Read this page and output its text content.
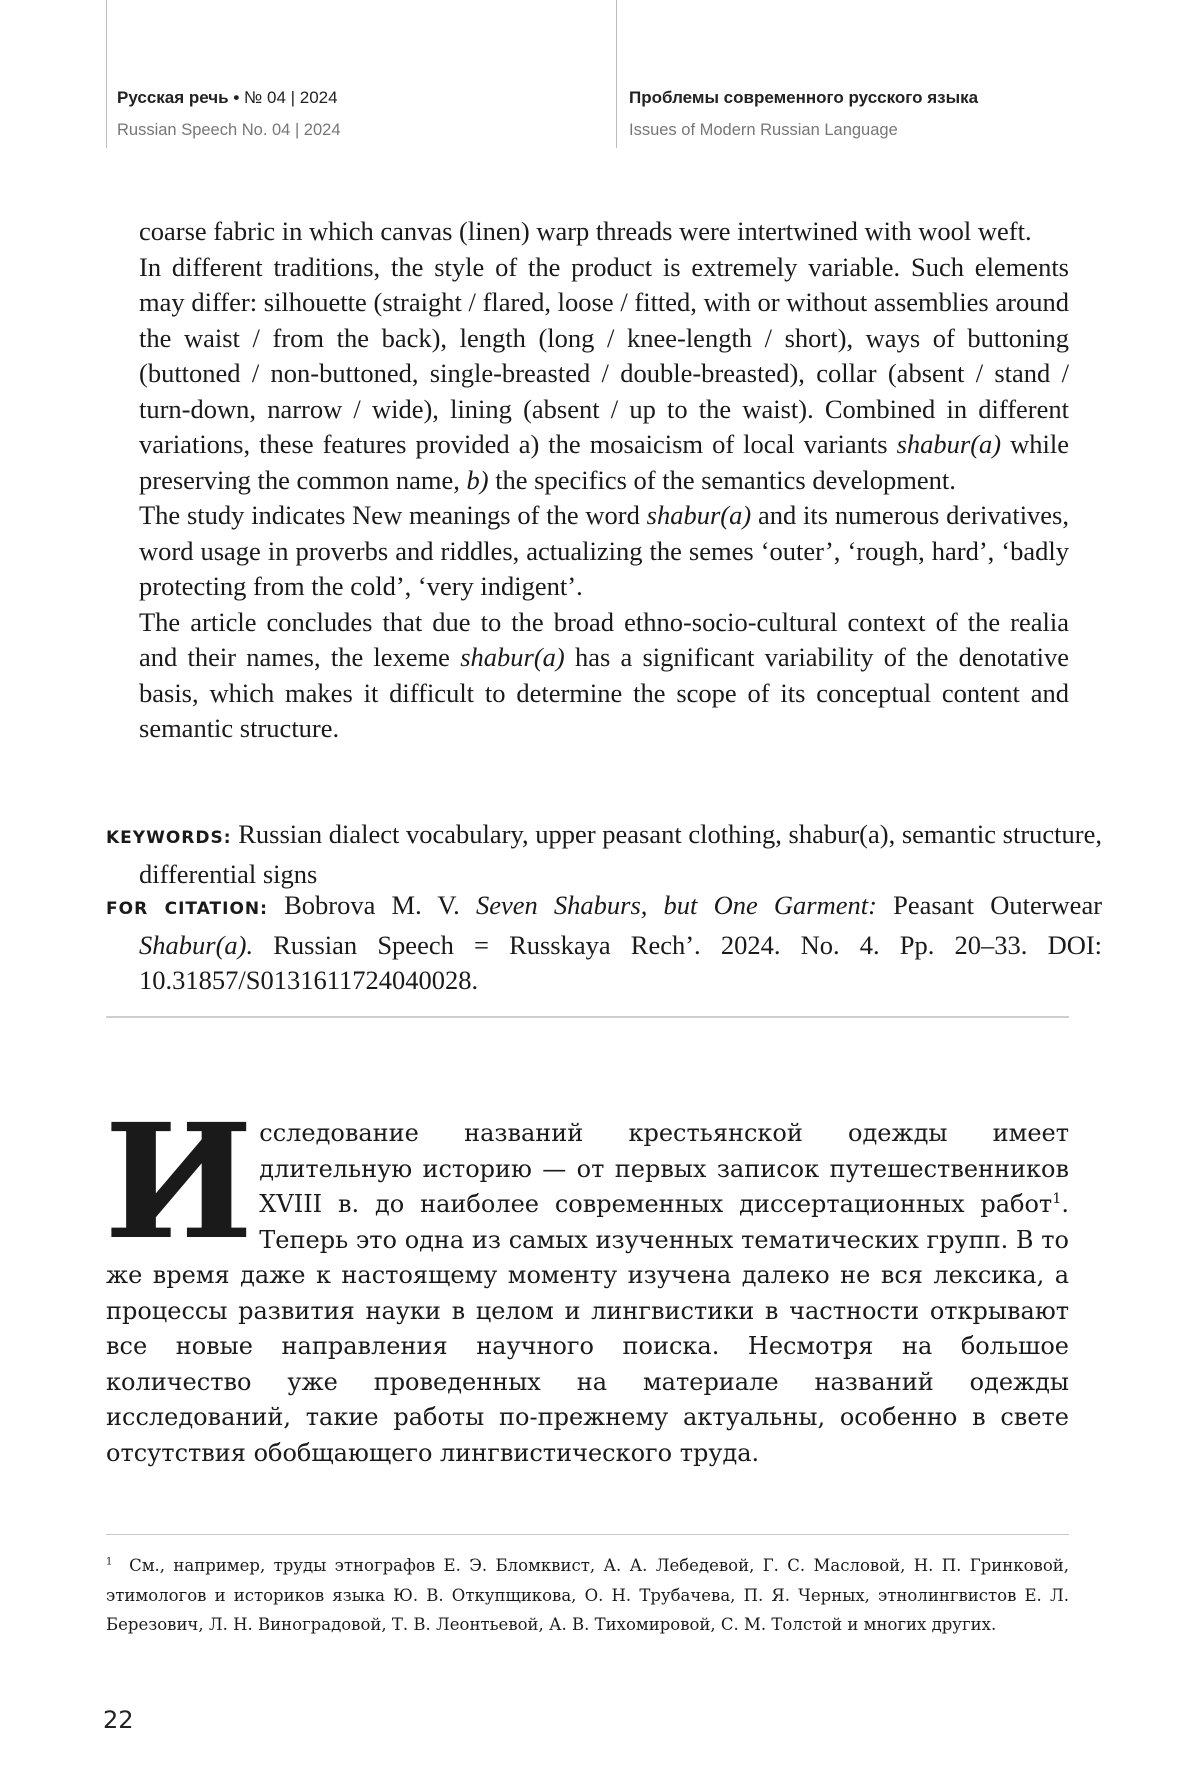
Русская речь • № 04 | 2024
Russian Speech No. 04 | 2024
Проблемы современного русского языка
Issues of Modern Russian Language

coarse fabric in which canvas (linen) warp threads were intertwined with wool weft.

In different traditions, the style of the product is extremely variable. Such elements may differ: silhouette (straight / flared, loose / fitted, with or without assemblies around the waist / from the back), length (long / knee-length / short), ways of buttoning (buttoned / non-buttoned, single-breasted / double-breasted), collar (absent / stand / turn-down, narrow / wide), lining (absent / up to the waist). Combined in different variations, these features provided a) the mosaicism of local variants shabur(a) while preserving the common name, b) the specifics of the semantics development.

The study indicates New meanings of the word shabur(a) and its numerous derivatives, word usage in proverbs and riddles, actualizing the semes ‘outer’, ‘rough, hard’, ‘badly protecting from the cold’, ‘very indigent’.

The article concludes that due to the broad ethno-socio-cultural context of the realia and their names, the lexeme shabur(a) has a significant variability of the denotative basis, which makes it difficult to determine the scope of its conceptual content and semantic structure.

KEYWORDS: Russian dialect vocabulary, upper peasant clothing, shabur(a), semantic structure, differential signs
FOR CITATION: Bobrova M. V. Seven Shaburs, but One Garment: Peasant Outerwear Shabur(a). Russian Speech = Russkaya Rech’. 2024. No. 4. Pp. 20–33. DOI: 10.31857/S0131611724040028.
Исследование названий крестьянской одежды имеет длительную историю — от первых записок путешественников XVIII в. до наиболее современных диссертационных работ$^1$. Теперь это одна из самых изученных тематических групп. В то же время даже к настоящему моменту изучена далеко не вся лексика, а процессы развития науки в целом и лингвистики в частности открывают все новые направления научного поиска. Несмотря на большое количество уже проведенных на материале названий одежды исследований, такие работы по-прежнему актуальны, особенно в свете отсутствия обобщающего лингвистического труда.
$^1$ См., например, труды этнографов Е. Э. Бломквист, А. А. Лебедевой, Г. С. Масловой, Н. П. Гринковой, этимологов и историков языка Ю. В. Откупщикова, О. Н. Трубачева, П. Я. Черных, этнолингвистов Е. Л. Березович, Л. Н. Виноградовой, Т. В. Леонтьевой, А. В. Тихомировой, С. М. Толстой и многих других.
22
